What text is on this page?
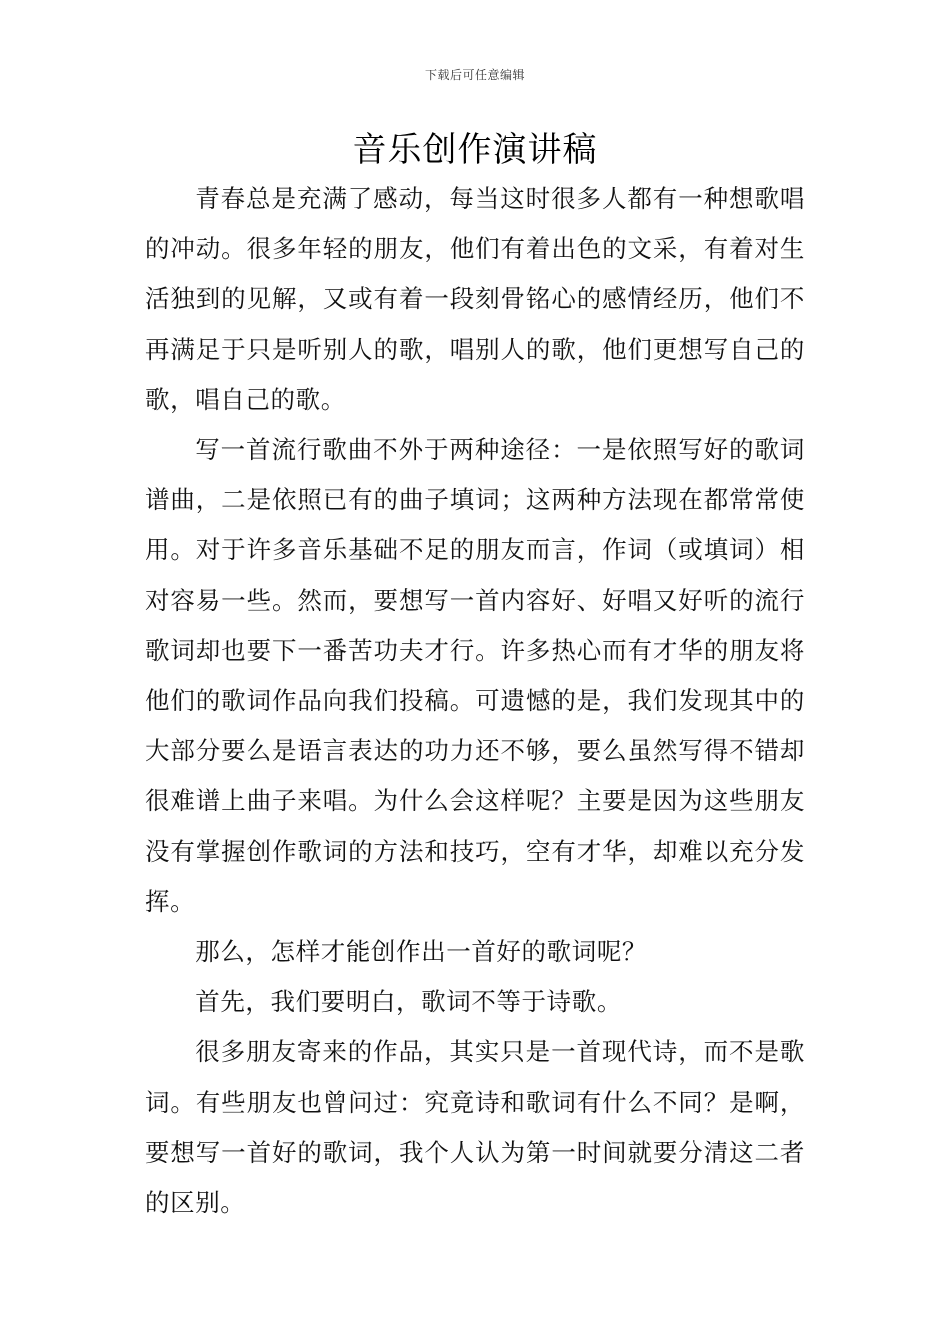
下载后可任意编辑
音乐创作演讲稿

青春总是充满了感动，每当这时很多人都有一种想歌唱的冲动。很多年轻的朋友，他们有着出色的文采，有着对生活独到的见解，又或有着一段刻骨铭心的感情经历，他们不再满足于只是听别人的歌，唱别人的歌，他们更想写自己的歌，唱自己的歌。

写一首流行歌曲不外于两种途径：一是依照写好的歌词谱曲，二是依照已有的曲子填词；这两种方法现在都常常使用。对于许多音乐基础不足的朋友而言，作词（或填词）相对容易一些。然而，要想写一首内容好、好唱又好听的流行歌词却也要下一番苦功夫才行。许多热心而有才华的朋友将他们的歌词作品向我们投稿。可遗憾的是，我们发现其中的大部分要么是语言表达的功力还不够，要么虽然写得不错却很难谱上曲子来唱。为什么会这样呢？主要是因为这些朋友没有掌握创作歌词的方法和技巧，空有才华，却难以充分发挥。

那么，怎样才能创作出一首好的歌词呢？

首先，我们要明白，歌词不等于诗歌。

很多朋友寄来的作品，其实只是一首现代诗，而不是歌词。有些朋友也曾问过：究竟诗和歌词有什么不同？是啊，要想写一首好的歌词，我个人认为第一时间就要分清这二者的区别。
